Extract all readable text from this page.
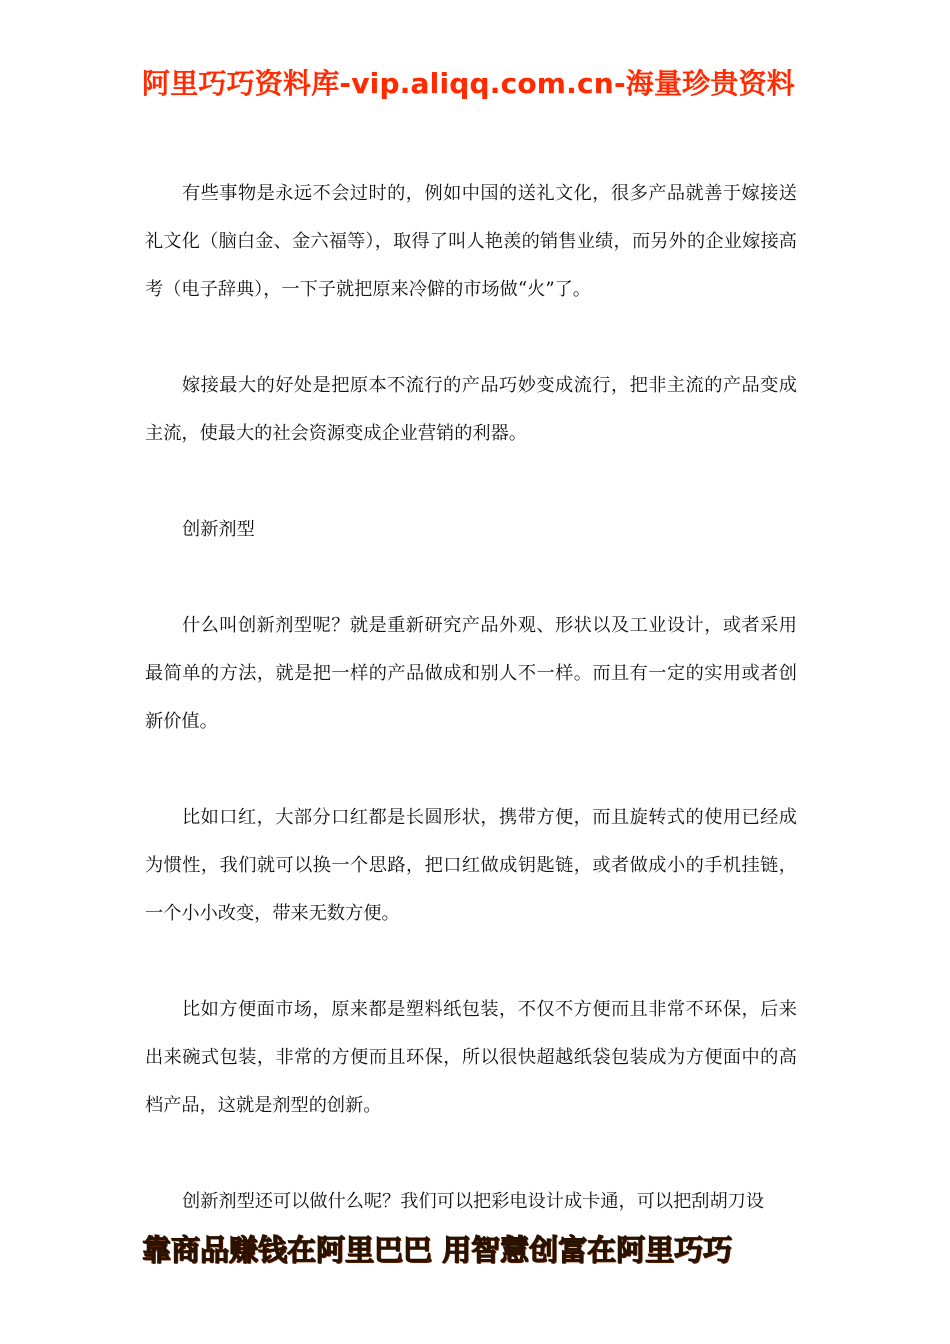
阿里巧巧资料库-vip.aliqq.com.cn-海量珍贵资料

有些事物是永远不会过时的，例如中国的送礼文化，很多产品就善于嫁接送礼文化（脑白金、金六福等），取得了叫人艳羡的销售业绩，而另外的企业嫁接高考（电子辞典），一下子就把原来冷僻的市场做“火”了。

嫁接最大的好处是把原本不流行的产品巧妙变成流行，把非主流的产品变成主流，使最大的社会资源变成企业营销的利器。

创新剂型

什么叫创新剂型呢？就是重新研究产品外观、形状以及工业设计，或者采用最简单的方法，就是把一样的产品做成和别人不一样。而且有一定的实用或者创新价值。

比如口红，大部分口红都是长圆形状，携带方便，而且旋转式的使用已经成为惯性，我们就可以换一个思路，把口红做成钥匙链，或者做成小的手机挂链，一个小小改变，带来无数方便。

比如方便面市场，原来都是塑料纸包装，不仅不方便而且非常不环保，后来出来碗式包装，非常的方便而且环保，所以很快超越纸袋包装成为方便面中的高档产品，这就是剂型的创新。

创新剂型还可以做什么呢？我们可以把彩电设计成卡通，可以把刮胡刀设

靠商品赚钱在阿里巴巴 用智慧创富在阿里巧巧
